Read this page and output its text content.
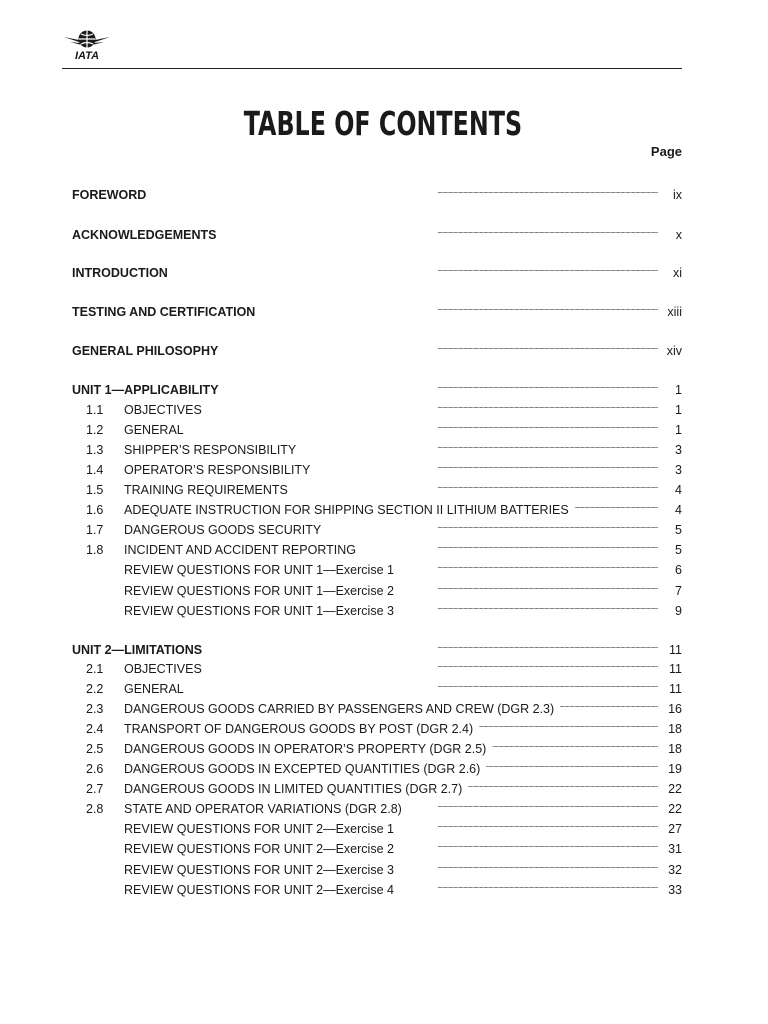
IATA
TABLE OF CONTENTS
Page
FOREWORD . . .	ix
ACKNOWLEDGEMENTS . . .	x
INTRODUCTION . . .	xi
TESTING AND CERTIFICATION . . .	xiii
GENERAL PHILOSOPHY . . .	xiv
UNIT 1—APPLICABILITY . . .	1
1.1	OBJECTIVES . . .	1
1.2	GENERAL . . .	1
1.3	SHIPPER’S RESPONSIBILITY . . .	3
1.4	OPERATOR’S RESPONSIBILITY . . .	3
1.5	TRAINING REQUIREMENTS . . .	4
1.6	ADEQUATE INSTRUCTION FOR SHIPPING SECTION II LITHIUM BATTERIES . . .	4
1.7	DANGEROUS GOODS SECURITY . . .	5
1.8	INCIDENT AND ACCIDENT REPORTING . . .	5
REVIEW QUESTIONS FOR UNIT 1—Exercise 1 . . .	6
REVIEW QUESTIONS FOR UNIT 1—Exercise 2 . . .	7
REVIEW QUESTIONS FOR UNIT 1—Exercise 3 . . .	9
UNIT 2—LIMITATIONS . . .	11
2.1	OBJECTIVES . . .	11
2.2	GENERAL . . .	11
2.3	DANGEROUS GOODS CARRIED BY PASSENGERS AND CREW (DGR 2.3) . . .	16
2.4	TRANSPORT OF DANGEROUS GOODS BY POST (DGR 2.4) . . .	18
2.5	DANGEROUS GOODS IN OPERATOR’S PROPERTY (DGR 2.5) . . .	18
2.6	DANGEROUS GOODS IN EXCEPTED QUANTITIES (DGR 2.6) . . .	19
2.7	DANGEROUS GOODS IN LIMITED QUANTITIES (DGR 2.7) . . .	22
2.8	STATE AND OPERATOR VARIATIONS (DGR 2.8) . . .	22
REVIEW QUESTIONS FOR UNIT 2—Exercise 1 . . .	27
REVIEW QUESTIONS FOR UNIT 2—Exercise 2 . . .	31
REVIEW QUESTIONS FOR UNIT 2—Exercise 3 . . .	32
REVIEW QUESTIONS FOR UNIT 2—Exercise 4 . . .	33
